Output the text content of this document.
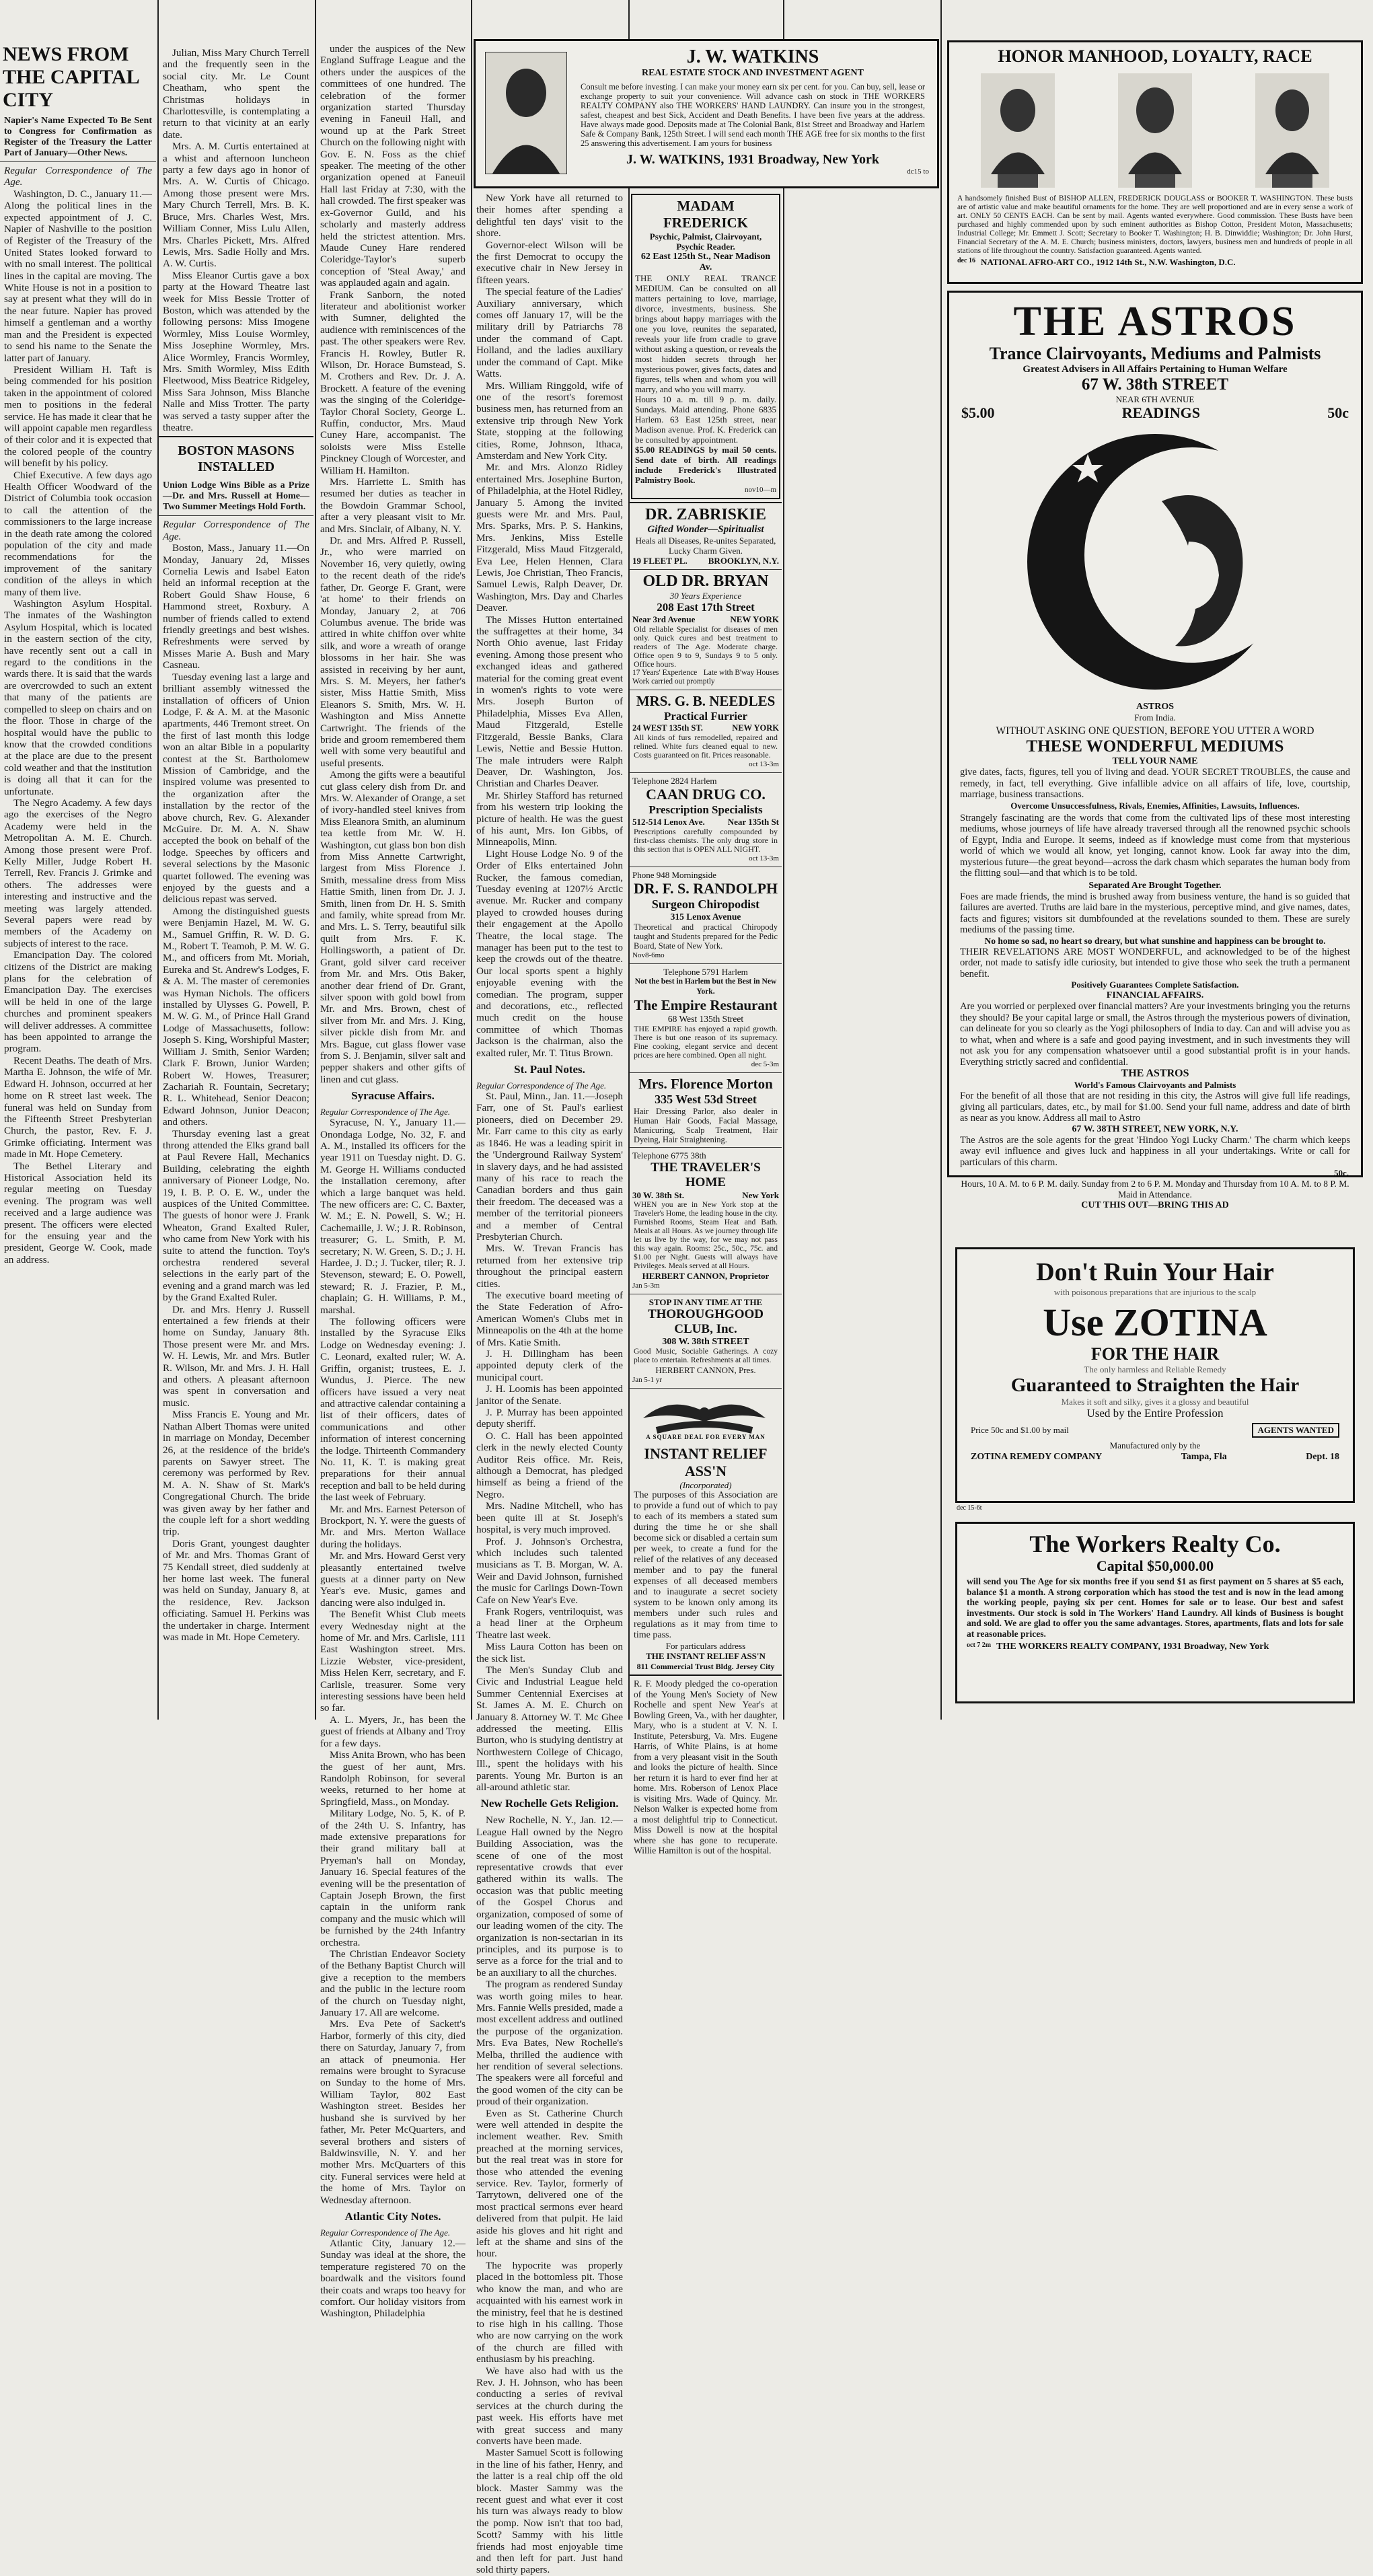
NEWS FROM THE CAPITAL CITY
Napier's Name Expected To Be Sent to Congress for Confirmation as Register of the Treasury the Latter Part of January—Other News.
Regular Correspondence of The Age.

Washington, D. C., January 11.—Along the political lines in the expected appointment of J. C. Napier of Nashville to the position of Register of the Treasury of the United States looked forward to with no small interest. The political lines in the capital are moving. The White House is not in a position to say at present what they will do in the near future. Napier has proved himself a gentleman and a worthy man and the President is expected to send his name to the Senate the latter part of January.

President William H. Taft is being commended for his position taken in the appointment of colored men to positions in the federal service. He has made it clear that he will appoint capable men regardless of their color and it is expected that the colored people of the country will benefit by his policy.

Chief Executive. A few days ago Health Officer Woodward of the District of Columbia took occasion to call the attention of the commissioners to the large increase in the death rate among the colored population of the city and made recommendations for the improvement of the sanitary condition of the alleys in which many of them live.

Washington Asylum Hospital. The inmates of the Washington Asylum Hospital, which is located in the eastern section of the city, have recently sent out a call in regard to the conditions in the wards there. It is said that the wards are overcrowded to such an extent that many of the patients are compelled to sleep on chairs and on the floor. Those in charge of the hospital would have the public to know that the crowded conditions at the place are due to the present cold weather and that the institution is doing all that it can for the unfortunate.

The Negro Academy. A few days ago the exercises of the Negro Academy were held in the Metropolitan A. M. E. Church. Among those present were Prof. Kelly Miller, Judge Robert H. Terrell, Rev. Francis J. Grimke and others. The addresses were interesting and instructive and the meeting was largely attended. Several papers were read by members of the Academy on subjects of interest to the race.

Emancipation Day. The colored citizens of the District are making plans for the celebration of Emancipation Day. The exercises will be held in one of the large churches and prominent speakers will deliver addresses. A committee has been appointed to arrange the program.

Recent Deaths. The death of Mrs. Martha E. Johnson, the wife of Mr. Edward H. Johnson, occurred at her home on R street last week. The funeral was held on Sunday from the Fifteenth Street Presbyterian Church, the pastor, Rev. F. J. Grimke officiating. Interment was made in Mt. Hope Cemetery.

The Bethel Literary and Historical Association held its regular meeting on Tuesday evening. The program was well received and a large audience was present. The officers were elected for the ensuing year and the president, George W. Cook, made an address.

Julian, Miss Mary Church Terrell and the frequently seen in the social city. Mr. Le Count Cheatham, who spent the Christmas holidays in Charlottesville, is contemplating a return to that vicinity at an early date.

Mrs. A. M. Curtis entertained at a whist and afternoon luncheon party a few days ago in honor of Mrs. A. W. Curtis of Chicago. Among those present were Mrs. Mary Church Terrell, Mrs. B. K. Bruce, Mrs. Charles West, Mrs. William Conner, Miss Lulu Allen, Mrs. Charles Pickett, Mrs. Alfred Lewis, Mrs. Sadie Holly and Mrs. A. W. Curtis.

Miss Eleanor Curtis gave a box party at the Howard Theatre last week for Miss Bessie Trotter of Boston, which was attended by the following persons: Miss Imogene Wormley, Miss Louise Wormley, Miss Josephine Wormley, Mrs. Alice Wormley, Francis Wormley, Mrs. Smith Wormley, Miss Edith Fleetwood, Miss Beatrice Ridgeley, Miss Sara Johnson, Miss Blanche Nalle and Miss Trotter. The party was served a tasty supper after the theatre.

BOSTON MASONS INSTALLED
Union Lodge Wins Bible as a Prize—Dr. and Mrs. Russell at Home—Two Summer Meetings Hold Forth.
Regular Correspondence of The Age.

Boston, Mass., January 11.—On Monday, January 2d, Misses Cornelia Lewis and Isabel Eaton held an informal reception at the Robert Gould Shaw House, 6 Hammond street, Roxbury. A number of friends called to extend friendly greetings and best wishes. Refreshments were served by Misses Marie A. Bush and Mary Casneau.

Tuesday evening last a large and brilliant assembly witnessed the installation of officers of Union Lodge, F. & A. M. at the Masonic apartments, 446 Tremont street. On the first of last month this lodge won an altar Bible in a popularity contest at the St. Bartholomew Mission of Cambridge, and the inspired volume was presented to the organization after the installation by the rector of the above church, Rev. G. Alexander McGuire. Dr. M. A. N. Shaw accepted the book on behalf of the lodge. Speeches by officers and several selections by the Masonic quartet followed. The evening was enjoyed by the guests and a delicious repast was served.

Among the distinguished guests were Benjamin Hazel, M. W. G. M., Samuel Griffin, R. W. D. G. M., Robert T. Teamoh, P. M. W. G. M., and officers from Mt. Moriah, Eureka and St. Andrew's Lodges, F. & A. M. The master of ceremonies was Hyman Nichols. The officers installed by Ulysses G. Powell, P. M. W. G. M., of Prince Hall Grand Lodge of Massachusetts, follow: Joseph S. King, Worshipful Master; William J. Smith, Senior Warden; Clark F. Brown, Junior Warden; Robert W. Howes, Treasurer; Zachariah R. Fountain, Secretary; R. L. Whitehead, Senior Deacon; Edward Johnson, Junior Deacon; and others.

Thursday evening last a great throng attended the Elks grand ball at Paul Revere Hall, Mechanics Building, celebrating the eighth anniversary of Pioneer Lodge, No. 19, I. B. P. O. E. W., under the auspices of the United Committee. The guests of honor were J. Frank Wheaton, Grand Exalted Ruler, who came from New York with his suite to attend the function. Toy's orchestra rendered several selections in the early part of the evening and a grand march was led by the Grand Exalted Ruler.

Dr. and Mrs. Henry J. Russell entertained a few friends at their home on Sunday, January 8th. Those present were Mr. and Mrs. W. H. Lewis, Mr. and Mrs. Butler R. Wilson, Mr. and Mrs. J. H. Hall and others. A pleasant afternoon was spent in conversation and music.

Miss Francis E. Young and Mr. Nathan Albert Thomas were united in marriage on Monday, December 26, at the residence of the bride's parents on Sawyer street. The ceremony was performed by Rev. M. A. N. Shaw of St. Mark's Congregational Church. The bride was given away by her father and the couple left for a short wedding trip.

Doris Grant, youngest daughter of Mr. and Mrs. Thomas Grant of 75 Kendall street, died suddenly at her home last week. The funeral was held on Sunday, January 8, at the residence, Rev. Jackson officiating. Samuel H. Perkins was the undertaker in charge. Interment was made in Mt. Hope Cemetery.

under the auspices of the New England Suffrage League and the others under the auspices of the committees of one hundred. The celebration of the former organization started Thursday evening in Faneuil Hall, and wound up at the Park Street Church on the following night with Gov. E. N. Foss as the chief speaker. The meeting of the other organization opened at Faneuil Hall last Friday at 7:30, with the hall crowded. The first speaker was ex-Governor Guild, and his scholarly and masterly address held the strictest attention. Mrs. Maude Cuney Hare rendered Coleridge-Taylor's superb conception of 'Steal Away,' and was applauded again and again.

Frank Sanborn, the noted literateur and abolitionist worker with Sumner, delighted the audience with reminiscences of the past. The other speakers were Rev. Francis H. Rowley, Butler R. Wilson, Dr. Horace Bumstead, S. M. Crothers and Rev. Dr. J. A. Brockett. A feature of the evening was the singing of the Coleridge-Taylor Choral Society, George L. Ruffin, conductor, Mrs. Maud Cuney Hare, accompanist. The soloists were Miss Estelle Pinckney Clough of Worcester, and William H. Hamilton.

Mrs. Harriette L. Smith has resumed her duties as teacher in the Bowdoin Grammar School, after a very pleasant visit to Mr. and Mrs. Sinclair, of Albany, N. Y.

Dr. and Mrs. Alfred P. Russell, Jr., who were married on November 16, very quietly, owing to the recent death of the ride's father, Dr. George F. Grant, were 'at home' to their friends on Monday, January 2, at 706 Columbus avenue. The bride was attired in white chiffon over white silk, and wore a wreath of orange blossoms in her hair. She was assisted in receiving by her aunt, Mrs. S. M. Meyers, her father's sister, Miss Hattie Smith, Miss Eleanors S. Smith, Mrs. W. H. Washington and Miss Annette Cartwright. The friends of the bride and groom remembered them well with some very beautiful and useful presents.

Among the gifts were a beautiful cut glass celery dish from Dr. and Mrs. W. Alexander of Orange, a set of ivory-handled steel knives from Miss Eleanora Smith, an aluminum tea kettle from Mr. W. H. Washington, cut glass bon bon dish from Miss Annette Cartwright, largest from Miss Florence J. Smith, messaline dress from Miss Hattie Smith, linen from Dr. J. J. Smith, linen from Dr. H. S. Smith and family, white spread from Mr. and Mrs. L. S. Terry, beautiful silk quilt from Mrs. F. K. Hollingsworth, a patient of Dr. Grant, gold silver card receiver from Mr. and Mrs. Otis Baker, another dear friend of Dr. Grant, silver spoon with gold bowl from Mr. and Mrs. Brown, chest of silver from Mr. and Mrs. J. King, silver pickle dish from Mr. and Mrs. Bague, cut glass flower vase from S. J. Benjamin, silver salt and pepper shakers and other gifts of linen and cut glass.

Syracuse Affairs.
Regular Correspondence of The Age.

Syracuse, N. Y., January 11.—Onondaga Lodge, No. 32, F. and A. M., installed its officers for the year 1911 on Tuesday night. D. G. M. George H. Williams conducted the installation ceremony, after which a large banquet was held. The new officers are: C. C. Baxter, W. M.; E. N. Powell, S. W.; H. Cachemaille, J. W.; J. R. Robinson, treasurer; G. L. Smith, P. M. secretary; N. W. Green, S. D.; J. H. Hardee, J. D.; J. Tucker, tiler; R. J. Stevenson, steward; E. O. Powell, steward; R. J. Frazier, P. M., chaplain; G. H. Williams, P. M., marshal.

The following officers were installed by the Syracuse Elks Lodge on Wednesday evening: J. C. Leonard, exalted ruler; W. A. Griffin, organist; trustees, E. J. Wundus, J. Pierce. The new officers have issued a very neat and attractive calendar containing a list of their officers, dates of communications and other information of interest concerning the lodge. Thirteenth Commandery No. 11, K. T. is making great preparations for their annual reception and ball to be held during the last week of February.

Mr. and Mrs. Earnest Peterson of Brockport, N. Y. were the guests of Mr. and Mrs. Merton Wallace during the holidays.

Mr. and Mrs. Howard Gerst very pleasantly entertained twelve guests at a dinner party on New Year's eve. Music, games and dancing were also indulged in.

The Benefit Whist Club meets every Wednesday night at the home of Mr. and Mrs. Carlisle, 111 East Washington street. Mrs. Lizzie Webster, vice-president, Miss Helen Kerr, secretary, and F. Carlisle, treasurer. Some very interesting sessions have been held so far.

A. L. Myers, Jr., has been the guest of friends at Albany and Troy for a few days.

Miss Anita Brown, who has been the guest of her aunt, Mrs. Randolph Robinson, for several weeks, returned to her home at Springfield, Mass., on Monday.

Military Lodge, No. 5, K. of P. of the 24th U. S. Infantry, has made extensive preparations for their grand military ball at Pryeman's hall on Monday, January 16. Special features of the evening will be the presentation of Captain Joseph Brown, the first captain in the uniform rank company and the music which will be furnished by the 24th Infantry orchestra.

The Christian Endeavor Society of the Bethany Baptist Church will give a reception to the members and the public in the lecture room of the church on Tuesday night, January 17. All are welcome.

Mrs. Eva Pete of Sackett's Harbor, formerly of this city, died there on Saturday, January 7, from an attack of pneumonia. Her remains were brought to Syracuse on Sunday to the home of Mrs. William Taylor, 802 East Washington street. Besides her husband she is survived by her father, Mr. Peter McQuarters, and several brothers and sisters of Baldwinsville, N. Y. and her mother Mrs. McQuarters of this city. Funeral services were held at the home of Mrs. Taylor on Wednesday afternoon.

Atlantic City Notes.
Regular Correspondence of The Age.

Atlantic City, January 12.—Sunday was ideal at the shore, the temperature registered 70 on the boardwalk and the visitors found their coats and wraps too heavy for comfort. Our holiday visitors from Washington, Philadelphia

J. W. WATKINS
REAL ESTATE STOCK AND INVESTMENT AGENT
Consult me before investing. I can make your money earn six per cent. for you. Can buy, sell, lease or exchange property to suit your convenience. Will advance cash on stock in THE WORKERS REALTY COMPANY also THE WORKERS' HAND LAUNDRY. Can insure you in the strongest, safest, cheapest and best Sick, Accident and Death Benefits. I have been five years at the address. Have always made good. Deposits made at The Colonial Bank, 81st Street and Broadway and Harlem Safe & Company Bank, 125th Street. I will send each month THE AGE free for six months to the first 25 answering this advertisement. I am yours for business
J. W. WATKINS, 1931 Broadway, New York
dc15 to

New York have all returned to their homes after spending a delightful ten days' visit to the shore.

Governor-elect Wilson will be the first Democrat to occupy the executive chair in New Jersey in fifteen years.

The special feature of the Ladies' Auxiliary anniversary, which comes off January 17, will be the military drill by Patriarchs 78 under the command of Capt. Holland, and the ladies auxiliary under the command of Capt. Mike Watts.

Mrs. William Ringgold, wife of one of the resort's foremost business men, has returned from an extensive trip through New York State, stopping at the following cities, Rome, Johnson, Ithaca, Amsterdam and New York City.

Mr. and Mrs. Alonzo Ridley entertained Mrs. Josephine Burton, of Philadelphia, at the Hotel Ridley, January 5. Among the invited guests were Mr. and Mrs. Paul, Mrs. Sparks, Mrs. P. S. Hankins, Mrs. Jenkins, Miss Estelle Fitzgerald, Miss Maud Fitzgerald, Eva Lee, Helen Hennen, Clara Lewis, Joe Christian, Theo Francis, Samuel Lewis, Ralph Deaver, Dr. Washington, Mrs. Day and Charles Deaver.

The Misses Hutton entertained the suffragettes at their home, 34 North Ohio avenue, last Friday evening. Among those present who exchanged ideas and gathered material for the coming great event in women's rights to vote were Mrs. Joseph Burton of Philadelphia, Misses Eva Allen, Maud Fitzgerald, Estelle Fitzgerald, Bessie Banks, Clara Lewis, Nettie and Bessie Hutton. The male intruders were Ralph Deaver, Dr. Washington, Jos. Christian and Charles Deaver.

Mr. Shirley Stafford has returned from his western trip looking the picture of health. He was the guest of his aunt, Mrs. Ion Gibbs, of Minneapolis, Minn.

Light House Lodge No. 9 of the Order of Elks entertained John Rucker, the famous comedian, Tuesday evening at 1207½ Arctic avenue. Mr. Rucker and company played to crowded houses during their engagement at the Apollo Theatre, the local stage. The manager has been put to the test to keep the crowds out of the theatre. Our local sports spent a highly enjoyable evening with the comedian. The program, supper and decorations, etc., reflected much credit on the house committee of which Thomas Jackson is the chairman, also the exalted ruler, Mr. T. Titus Brown.

St. Paul Notes.
Regular Correspondence of The Age.

St. Paul, Minn., Jan. 11.—Joseph Farr, one of St. Paul's earliest pioneers, died on December 29. Mr. Farr came to this city as early as 1846. He was a leading spirit in the 'Underground Railway System' in slavery days, and he had assisted many of his race to reach the Canadian borders and thus gain their freedom. The deceased was a member of the territorial pioneers and a member of Central Presbyterian Church.

Mrs. W. Trevan Francis has returned from her extensive trip throughout the principal eastern cities.

The executive board meeting of the State Federation of Afro-American Women's Clubs met in Minneapolis on the 4th at the home of Mrs. Katie Smith.

J. H. Dillingham has been appointed deputy clerk of the municipal court.

J. H. Loomis has been appointed janitor of the Senate.

J. P. Murray has been appointed deputy sheriff.

O. C. Hall has been appointed clerk in the newly elected County Auditor Reis office. Mr. Reis, although a Democrat, has pledged himself as being a friend of the Negro.

Mrs. Nadine Mitchell, who has been quite ill at St. Joseph's hospital, is very much improved.

Prof. J. Johnson's Orchestra, which includes such talented musicians as T. B. Morgan, W. A. Weir and David Johnson, furnished the music for Carlings Down-Town Cafe on New Year's Eve.

Frank Rogers, ventriloquist, was a head liner at the Orpheum Theatre last week.

Miss Laura Cotton has been on the sick list.

The Men's Sunday Club and Civic and Industrial League held Summer Centennial Exercises at St. James A. M. E. Church on January 8. Attorney W. T. Mc Ghee addressed the meeting. Ellis Burton, who is studying dentistry at Northwestern College of Chicago, Ill., spent the holidays with his parents. Young Mr. Burton is an all-around athletic star.

New Rochelle Gets Religion.

New Rochelle, N. Y., Jan. 12.—League Hall owned by the Negro Building Association, was the scene of one of the most representative crowds that ever gathered within its walls. The occasion was that public meeting of the Gospel Chorus and organization, composed of some of our leading women of the city. The organization is non-sectarian in its principles, and its purpose is to serve as a force for the trial and to be an auxiliary to all the churches.

The program as rendered Sunday was worth going miles to hear. Mrs. Fannie Wells presided, made a most excellent address and outlined the purpose of the organization. Mrs. Eva Bates, New Rochelle's Melba, thrilled the audience with her rendition of several selections. The speakers were all forceful and the good women of the city can be proud of their organization.

Even as St. Catherine Church were well attended in despite the inclement weather. Rev. Smith preached at the morning services, but the real treat was in store for those who attended the evening service. Rev. Taylor, formerly of Tarrytown, delivered one of the most practical sermons ever heard delivered from that pulpit. He laid aside his gloves and hit right and left at the shame and sins of the hour.

The hypocrite was properly placed in the bottomless pit. Those who know the man, and who are acquainted with his earnest work in the ministry, feel that he is destined to rise high in his calling. Those who are now carrying on the work of the church are filled with enthusiasm by his preaching.

We have also had with us the Rev. J. H. Johnson, who has been conducting a series of revival services at the church during the past week. His efforts have met with great success and many converts have been made.

Master Samuel Scott is following in the line of his father, Henry, and the latter is a real chip off the old block. Master Sammy was the recent guest and what ever it cost his turn was always ready to blow the pomp. Now isn't that too bad, Scott? Sammy with his little friends had most enjoyable time and then left for part. Just hand sold thirty papers.

MADAM FREDERICK
Psychic, Palmist, Clairvoyant, Psychic Reader.
62 East 125th St., Near Madison Av.
THE ONLY REAL TRANCE MEDIUM. Can be consulted on all matters pertaining to love, marriage, divorce, investments, business. She brings about happy marriages with the one you love, reunites the separated, reveals your life from cradle to grave without asking a question, or reveals the most hidden secrets through her mysterious power, gives facts, dates and figures, tells when and whom you will marry, and who you will marry.
Hours 10 a. m. till 9 p. m. daily. Sundays. Maid attending. Phone 6835 Harlem. 63 East 125th street, near Madison avenue. Prof. K. Frederick can be consulted by appointment.
$5.00 READINGS by mail 50 cents. Send date of birth. All readings include Frederick's Illustrated Palmistry Book.
nov10—m
DR. ZABRISKIE
Gifted Wonder—Spiritualist
Heals all Diseases, Re-unites Separated, Lucky Charm Given.
19 FLEET PL. BROOKLYN, N.Y.
OLD DR. BRYAN
30 Years Experience
208 East 17th Street
Near 3rd Avenue	NEW YORK
Old reliable Specialist for diseases of men only. Quick cures and best treatment to readers of The Age. Moderate charge. Office open 9 to 9, Sundays 9 to 5 only. Office hours.
17 Years' Experience Late with B'way Houses
Work carried out promptly
MRS. G. B. NEEDLES
Practical Furrier
24 WEST 135th ST.	NEW YORK
All kinds of furs remodelled, repaired and relined. White furs cleaned equal to new. Costs guaranteed on fit. Prices reasonable.
oct 13-3m
Telephone 2824 Harlem
CAAN DRUG CO.
Prescription Specialists
512-514 Lenox Ave.	Near 135th St
Prescriptions carefully compounded by first-class chemists. The only drug store in this section that is OPEN ALL NIGHT.
oct 13-3m
Phone 948 Morningside
DR. F. S. RANDOLPH
Surgeon Chiropodist
315 Lenox Avenue
Theoretical and practical Chiropody taught and Students prepared for the Pedic Board, State of New York.
Nov8-6mo
Telephone 5791 Harlem
Not the best in Harlem but the Best in New York.
The Empire Restaurant
68 West 135th Street
THE EMPIRE has enjoyed a rapid growth. There is but one reason of its supremacy. Fine cooking, elegant service and decent prices are here combined. Open all night.
dec 5-3m
Mrs. Florence Morton
335 West 53d Street
Hair Dressing Parlor, also dealer in Human Hair Goods, Facial Massage, Manicuring, Scalp Treatment, Hair Dyeing, Hair Straightening.
Telephone 6775 38th
THE TRAVELER'S HOME
30 W. 38th St.	New York
WHEN you are in New York stop at the Traveler's Home, the leading house in the city. Furnished Rooms, Steam Heat and Bath. Meals at all Hours. As we journey through life let us live by the way, for we may not pass this way again. Rooms: 25c., 50c., 75c. and $1.00 per Night. Guests will always have Privileges. Meals served at all Hours.
HERBERT CANNON, Proprietor
Jan 5-3m
STOP IN ANY TIME AT THE
THOROUGHGOOD CLUB, Inc.
308 W. 38th STREET
Good Music, Sociable Gatherings. A cozy place to entertain. Refreshments at all times.
HERBERT CANNON, Pres.
Jan 5-1 yr
A SQUARE DEAL FOR EVERY MAN
INSTANT RELIEF ASS'N
(Incorporated)
The purposes of this Association are to provide a fund out of which to pay to each of its members a stated sum during the time he or she shall become sick or disabled a certain sum per week, to create a fund for the relief of the relatives of any deceased member and to pay the funeral expenses of all deceased members and to inaugurate a secret society system to be known only among its members under such rules and regulations as it may from time to time pass.
For particulars address
THE INSTANT RELIEF ASS'N
811 Commercial Trust Bldg. Jersey City
R. F. Moody pledged the co-operation of the Young Men's Society of New Rochelle and spent New Year's at Bowling Green, Va., with her daughter, Mary, who is a student at V. N. I. Institute, Petersburg, Va. Mrs. Eugene Harris, of White Plains, is at home from a very pleasant visit in the South and looks the picture of health. Since her return it is hard to ever find her at home. Mrs. Roberson of Lenox Place is visiting Mrs. Wade of Quincy. Mr. Nelson Walker is expected home from a most delightful trip to Connecticut. Miss Dowell is now at the hospital where she has gone to recuperate. Willie Hamilton is out of the hospital.
HONOR MANHOOD, LOYALTY, RACE
A handsomely finished Bust of BISHOP ALLEN, FREDERICK DOUGLASS or BOOKER T. WASHINGTON. These busts are of artistic value and make beautiful ornaments for the home. They are well proportioned and are in every sense a work of art. ONLY 50 CENTS EACH. Can be sent by mail. Agents wanted everywhere. Good commission. These Busts have been purchased and highly commended upon by such eminent authorities as Bishop Cotton, President Moton, Massachusetts; Industrial College; Mr. Emmett J. Scott; Secretary to Booker T. Washington; H. B. Dinwiddie; Washington; Dr. John Hurst, Financial Secretary of the A. M. E. Church; business ministers, doctors, lawyers, business men and hundreds of people in all stations of life throughout the country. Satisfaction guaranteed. Agents wanted.
dec 16 NATIONAL AFRO-ART CO., 1912 14th St., N.W. Washington, D.C.
THE ASTROS
Trance Clairvoyants, Mediums and Palmists
Greatest Advisers in All Affairs Pertaining to Human Welfare
67 W. 38th STREET
NEAR 6TH AVENUE
$5.00	READINGS	50c
ASTROS
From India.
WITHOUT ASKING ONE QUESTION, BEFORE YOU UTTER A WORD
THESE WONDERFUL MEDIUMS
TELL YOUR NAME
give dates, facts, figures, tell you of living and dead. YOUR SECRET TROUBLES, the cause and remedy, in fact, tell everything. Give infallible advice on all affairs of life, love, courtship, marriage, business transactions.
Overcome Unsuccessfulness, Rivals, Enemies, Affinities, Lawsuits, Influences.
Strangely fascinating are the words that come from the cultivated lips of these most interesting mediums, whose journeys of life have already traversed through all the renowned psychic schools of Egypt, India and Europe. It seems, indeed as if knowledge must come from that mysterious world of which we would all know, yet longing, cannot know. Look far away into the dim, mysterious future—the great beyond—across the dark chasm which separates the human body from the flitting soul—and that which is to be told.
Separated Are Brought Together.
Foes are made friends, the mind is brushed away from business venture, the hand is so guided that failures are averted. Truths are laid bare in the mysterious, perceptive mind, and give names, dates, facts and figures; visitors sit dumbfounded at the revelations sounded to them. These are surely mediums of the passing time.
No home so sad, no heart so dreary, but what sunshine and happiness can be brought to.
THEIR REVELATIONS ARE MOST WONDERFUL, and acknowledged to be of the highest order, not made to satisfy idle curiosity, but intended to give those who seek the truth a permanent benefit.
Positively Guarantees Complete Satisfaction.
FINANCIAL AFFAIRS.
Are you worried or perplexed over financial matters? Are your investments bringing you the returns they should? Be your capital large or small, the Astros through the mysterious powers of divination, can delineate for you so clearly as the Yogi philosophers of India to day. Can and will advise you as to what, when and where is a safe and good paying investment, and in such investments they will not ask you for any compensation whatsoever until a good substantial profit is in your hands. Everything strictly sacred and confidential.
THE ASTROS
World's Famous Clairvoyants and Palmists
For the benefit of all those that are not residing in this city, the Astros will give full life readings, giving all particulars, dates, etc., by mail for $1.00. Send your full name, address and date of birth as near as you know. Address all mail to Astro
67 W. 38TH STREET, NEW YORK, N.Y.
The Astros are the sole agents for the great 'Hindoo Yogi Lucky Charm.' The charm which keeps away evil influence and gives luck and happiness in all your undertakings. Write or call for particulars of this charm.
50c.
Hours, 10 A. M. to 6 P. M. daily. Sunday from 2 to 6 P. M. Monday and Thursday from 10 A. M. to 8 P. M. Maid in Attendance.
CUT THIS OUT—BRING THIS AD
Don't Ruin Your Hair
with poisonous preparations that are injurious to the scalp
Use ZOTINA
FOR THE HAIR
The only harmless and Reliable Remedy
Guaranteed to Straighten the Hair
Makes it soft and silky, gives it a glossy and beautiful
Used by the Entire Profession
Price 50c and $1.00 by mail	AGENTS WANTED
Manufactured only by the
ZOTINA REMEDY COMPANY	Tampa, Fla	Dept. 18
dec 15-6t
The Workers Realty Co.
Capital $50,000.00
will send you The Age for six months free if you send $1 as first payment on 5 shares at $5 each, balance $1 a month. A strong corporation which has stood the test and is now in the lead among the working people, paying six per cent. Homes for sale or to lease. Our best and safest investments. Our stock is sold in The Workers' Hand Laundry. All kinds of Business is bought and sold. We are glad to offer you the same advantages. Stores, apartments, flats and lots for sale at reasonable prices.
oct 7 2m THE WORKERS REALTY COMPANY, 1931 Broadway, New York
